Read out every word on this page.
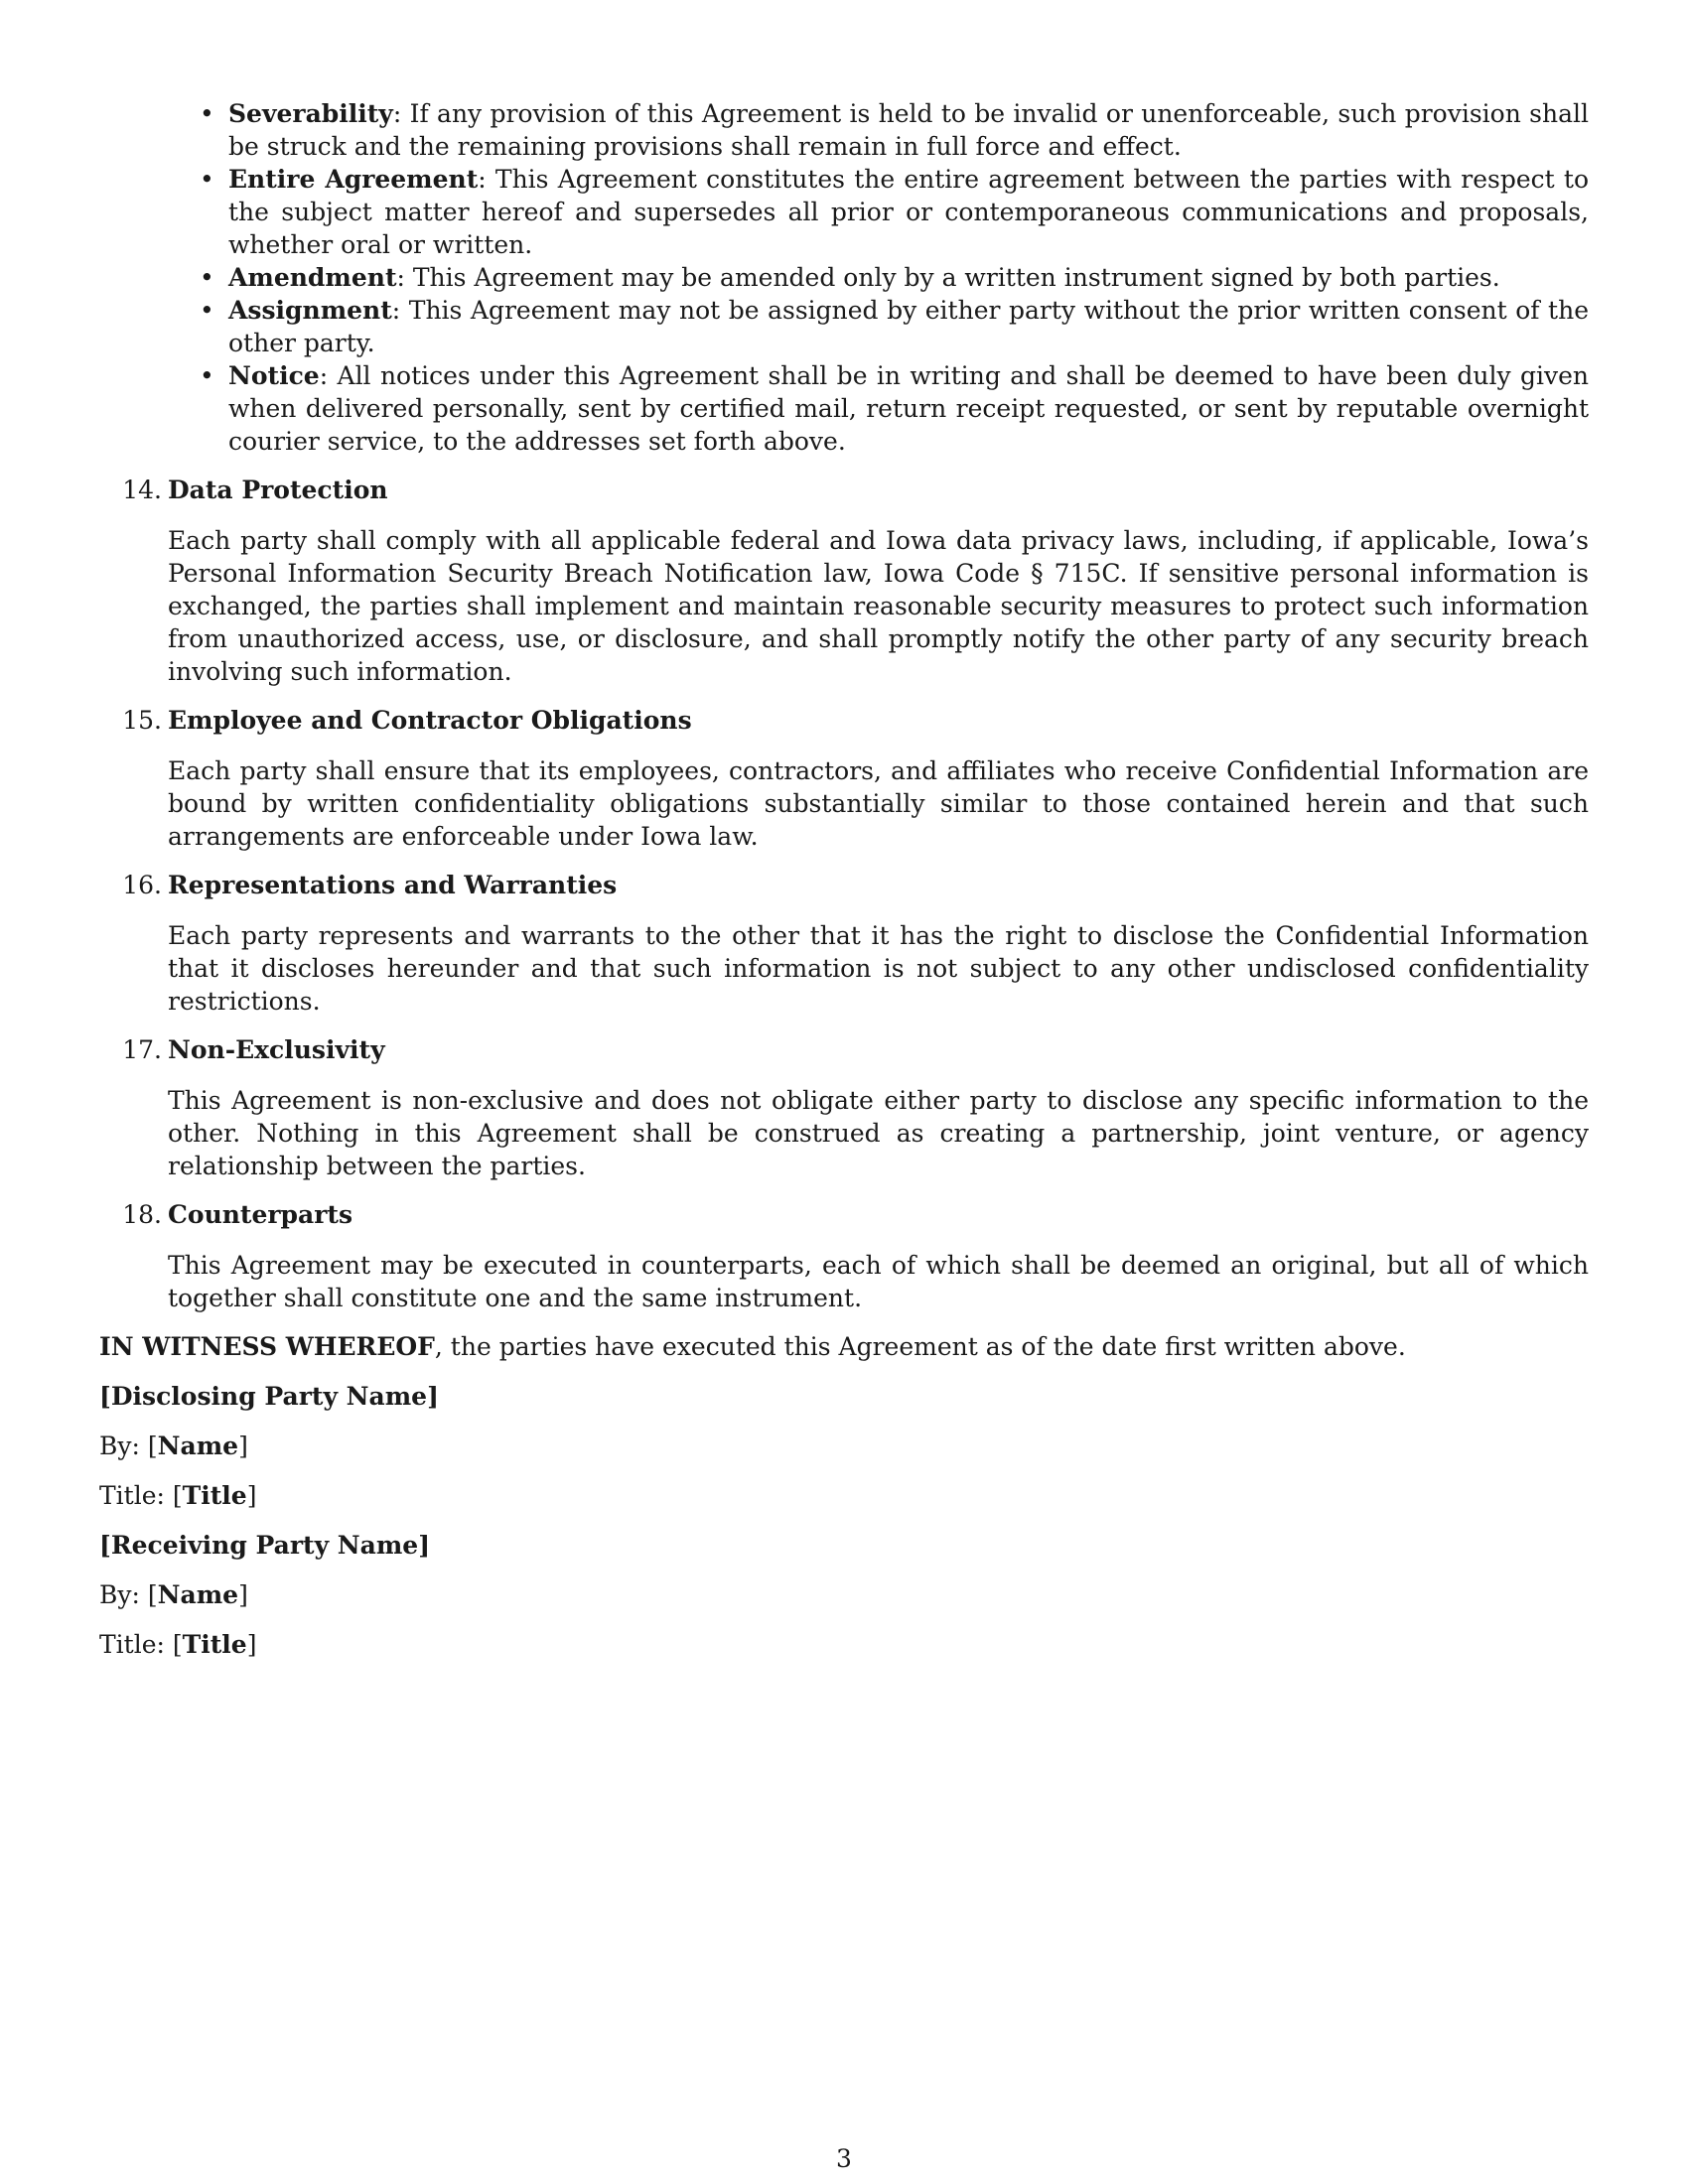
• Severability: If any provision of this Agreement is held to be invalid or unenforceable, such provision shall be struck and the remaining provisions shall remain in full force and effect.
• Entire Agreement: This Agreement constitutes the entire agreement between the parties with respect to the subject matter hereof and supersedes all prior or contemporaneous communications and proposals, whether oral or written.
• Amendment: This Agreement may be amended only by a written instrument signed by both parties.
• Assignment: This Agreement may not be assigned by either party without the prior written consent of the other party.
• Notice: All notices under this Agreement shall be in writing and shall be deemed to have been duly given when delivered personally, sent by certified mail, return receipt requested, or sent by reputable overnight courier service, to the addresses set forth above.
14. Data Protection
Each party shall comply with all applicable federal and Iowa data privacy laws, including, if applicable, Iowa’s Personal Information Security Breach Notification law, Iowa Code § 715C. If sensitive personal information is exchanged, the parties shall implement and maintain reasonable security measures to protect such information from unauthorized access, use, or disclosure, and shall promptly notify the other party of any security breach involving such information.
15. Employee and Contractor Obligations
Each party shall ensure that its employees, contractors, and affiliates who receive Confidential Information are bound by written confidentiality obligations substantially similar to those contained herein and that such arrangements are enforceable under Iowa law.
16. Representations and Warranties
Each party represents and warrants to the other that it has the right to disclose the Confidential Information that it discloses hereunder and that such information is not subject to any other undisclosed confidentiality restrictions.
17. Non-Exclusivity
This Agreement is non-exclusive and does not obligate either party to disclose any specific information to the other. Nothing in this Agreement shall be construed as creating a partnership, joint venture, or agency relationship between the parties.
18. Counterparts
This Agreement may be executed in counterparts, each of which shall be deemed an original, but all of which together shall constitute one and the same instrument.
IN WITNESS WHEREOF, the parties have executed this Agreement as of the date first written above.
[Disclosing Party Name]
By: [Name]
Title: [Title]
[Receiving Party Name]
By: [Name]
Title: [Title]
3
